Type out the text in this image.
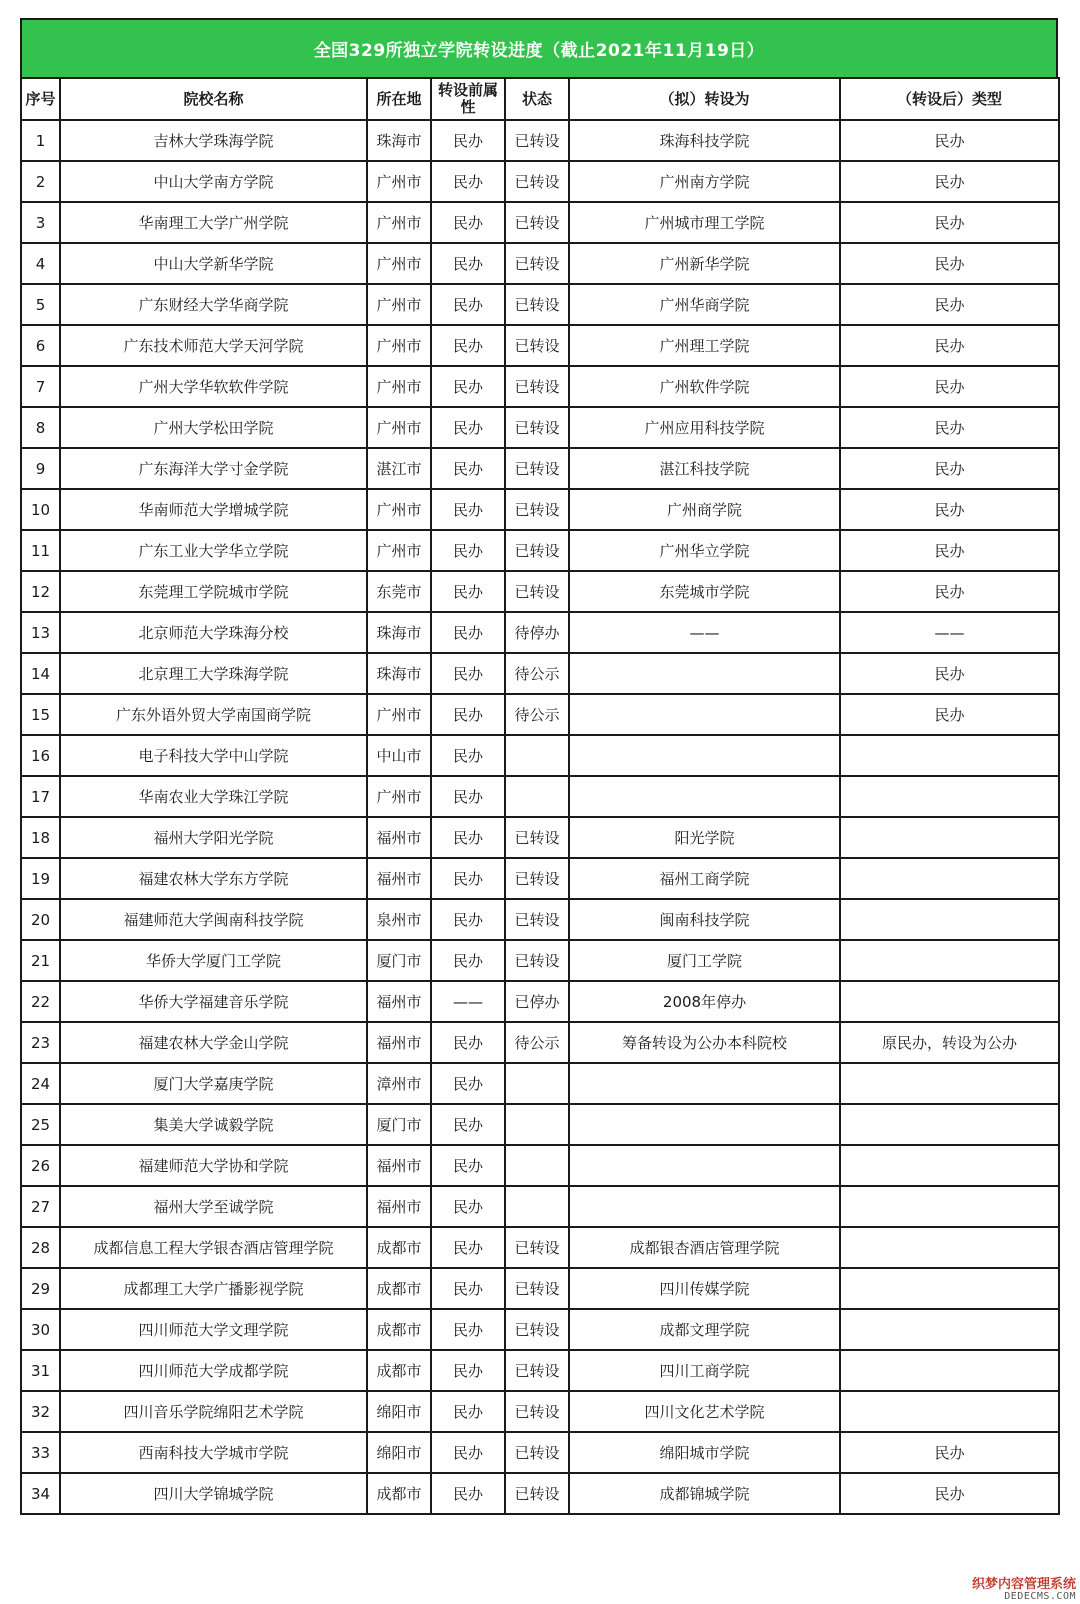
全国329所独立学院转设进度（截止2021年11月19日）
序号	院校名称	所在地	转设前属性	状态	（拟）转设为	（转设后）类型
1	吉林大学珠海学院	珠海市	民办	已转设	珠海科技学院	民办
2	中山大学南方学院	广州市	民办	已转设	广州南方学院	民办
3	华南理工大学广州学院	广州市	民办	已转设	广州城市理工学院	民办
4	中山大学新华学院	广州市	民办	已转设	广州新华学院	民办
5	广东财经大学华商学院	广州市	民办	已转设	广州华商学院	民办
6	广东技术师范大学天河学院	广州市	民办	已转设	广州理工学院	民办
7	广州大学华软软件学院	广州市	民办	已转设	广州软件学院	民办
8	广州大学松田学院	广州市	民办	已转设	广州应用科技学院	民办
9	广东海洋大学寸金学院	湛江市	民办	已转设	湛江科技学院	民办
10	华南师范大学增城学院	广州市	民办	已转设	广州商学院	民办
11	广东工业大学华立学院	广州市	民办	已转设	广州华立学院	民办
12	东莞理工学院城市学院	东莞市	民办	已转设	东莞城市学院	民办
13	北京师范大学珠海分校	珠海市	民办	待停办	——	——
14	北京理工大学珠海学院	珠海市	民办	待公示		民办
15	广东外语外贸大学南国商学院	广州市	民办	待公示		民办
16	电子科技大学中山学院	中山市	民办			
17	华南农业大学珠江学院	广州市	民办			
18	福州大学阳光学院	福州市	民办	已转设	阳光学院	
19	福建农林大学东方学院	福州市	民办	已转设	福州工商学院	
20	福建师范大学闽南科技学院	泉州市	民办	已转设	闽南科技学院	
21	华侨大学厦门工学院	厦门市	民办	已转设	厦门工学院	
22	华侨大学福建音乐学院	福州市	——	已停办	2008年停办	
23	福建农林大学金山学院	福州市	民办	待公示	筹备转设为公办本科院校	原民办，转设为公办
24	厦门大学嘉庚学院	漳州市	民办			
25	集美大学诚毅学院	厦门市	民办			
26	福建师范大学协和学院	福州市	民办			
27	福州大学至诚学院	福州市	民办			
28	成都信息工程大学银杏酒店管理学院	成都市	民办	已转设	成都银杏酒店管理学院	
29	成都理工大学广播影视学院	成都市	民办	已转设	四川传媒学院	
30	四川师范大学文理学院	成都市	民办	已转设	成都文理学院	
31	四川师范大学成都学院	成都市	民办	已转设	四川工商学院	
32	四川音乐学院绵阳艺术学院	绵阳市	民办	已转设	四川文化艺术学院	
33	西南科技大学城市学院	绵阳市	民办	已转设	绵阳城市学院	民办
34	四川大学锦城学院	成都市	民办	已转设	成都锦城学院	民办
织梦内容管理系统
DEDECMS.COM
